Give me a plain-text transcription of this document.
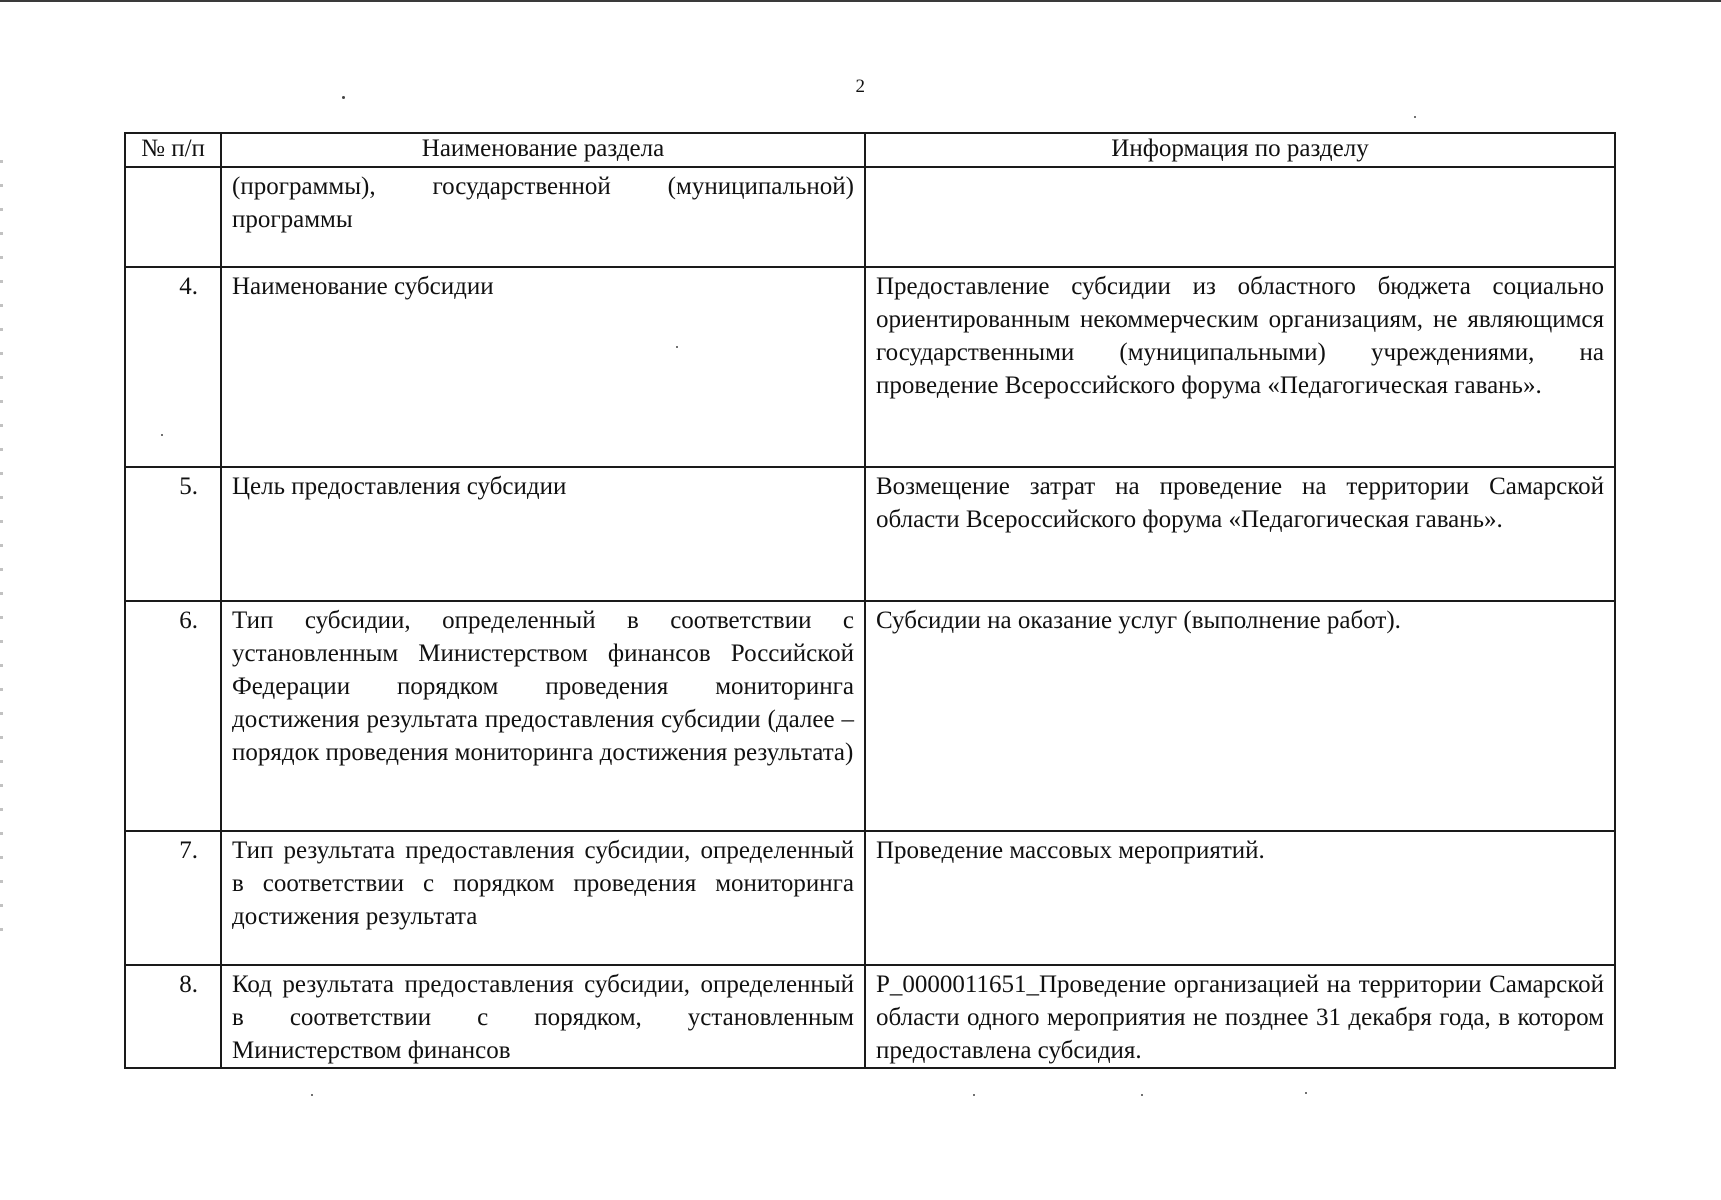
2
№ п/п	Наименование раздела	Информация по разделу
	(программы), государственной (муниципальной) программы	
4.	Наименование субсидии	Предоставление субсидии из областного бюджета социально ориентированным некоммерческим организациям, не являющимся государственными (муниципальными) учреждениями, на проведение Всероссийского форума «Педагогическая гавань».
5.	Цель предоставления субсидии	Возмещение затрат на проведение на территории Самарской области Всероссийского форума «Педагогическая гавань».
6.	Тип субсидии, определенный в соответствии с установленным Министерством финансов Российской Федерации порядком проведения мониторинга достижения результата предоставления субсидии (далее – порядок проведения мониторинга достижения результата)	Субсидии на оказание услуг (выполнение работ).
7.	Тип результата предоставления субсидии, определенный в соответствии с порядком проведения мониторинга достижения результата	Проведение массовых мероприятий.
8.	Код результата предоставления субсидии, определенный в соответствии с порядком, установленным Министерством финансов	P_0000011651_Проведение организацией на территории Самарской области одного мероприятия не позднее 31 декабря года, в котором предоставлена субсидия.
